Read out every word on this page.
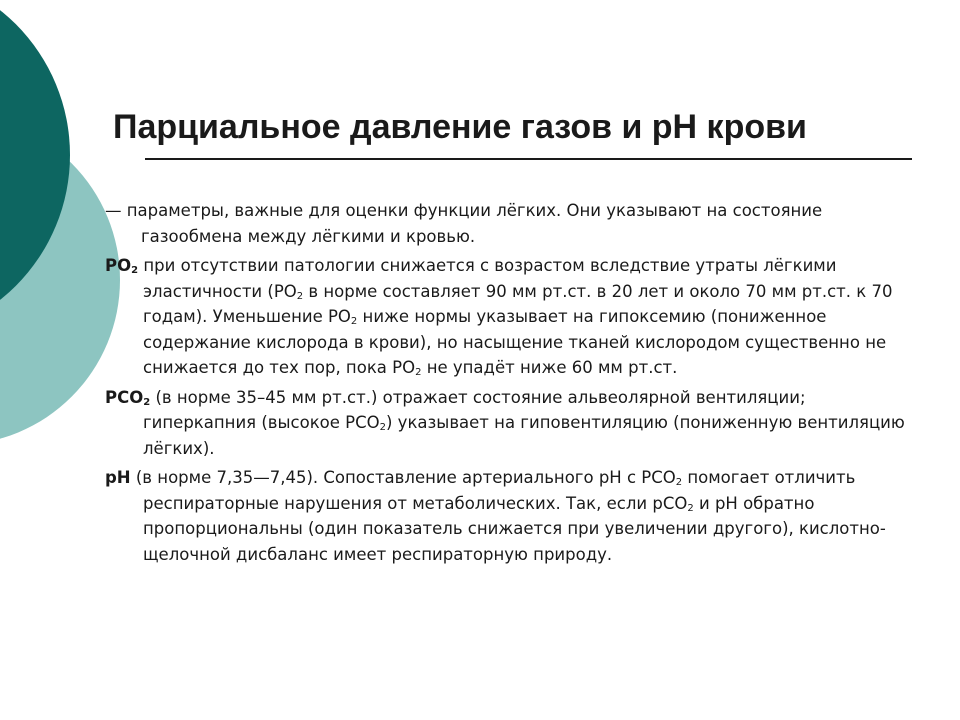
Парциальное давление газов и pH крови

— параметры, важные для оценки функции лёгких. Они указывают на состояние газообмена между лёгкими и кровью.

$PO_2$ при отсутствии патологии снижается с возрастом вследствие утраты лёгкими эластичности ($PO_2$ в норме составляет 90 мм рт.ст. в 20 лет и около 70 мм рт.ст. к 70 годам). Уменьшение $PO_2$ ниже нормы указывает на гипоксемию (пониженное содержание кислорода в крови), но насыщение тканей кислородом существенно не снижается до тех пор, пока $PO_2$ не упадёт ниже 60 мм рт.ст.

$PCO_2$ (в норме 35–45 мм рт.ст.) отражает состояние альвеолярной вентиляции; гиперкапния (высокое $PCO_2$) указывает на гиповентиляцию (пониженную вентиляцию лёгких).

pH (в норме 7,35—7,45). Сопоставление артериального pH с $PCO_2$ помогает отличить респираторные нарушения от метаболических. Так, если pCO$_2$ и pH обратно пропорциональны (один показатель снижается при увеличении другого), кислотно-щелочной дисбаланс имеет респираторную природу.
